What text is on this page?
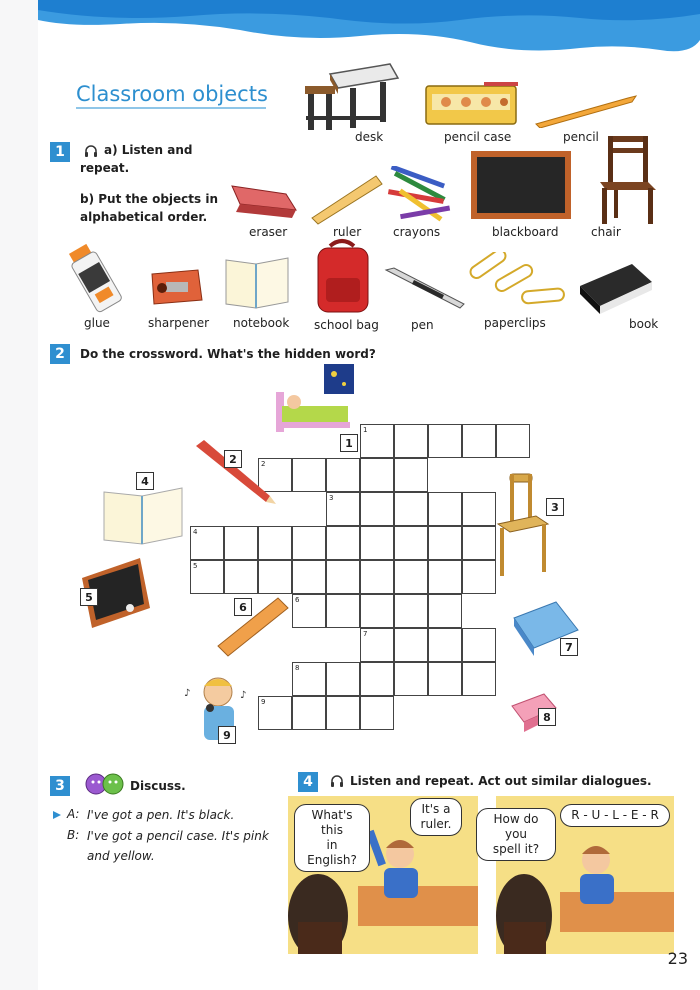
Classroom objects
1	a) Listen and
repeat.
b) Put the objects in
alphabetical order.
desk	pencil case	pencil
eraser	ruler	crayons	blackboard	chair
glue	sharpener notebook school bag	pen	paperclips	book
2	Do the crossword. What's the hidden word?
1
2
3
4
5
6
7
8
9
1
2
3
4
5
6
7
8
♪	♪
9
3	Discuss.
A: I've got a pen. It's black.
B: I've got a pencil case. It's pink
and yellow.
4	Listen and repeat. Act out similar dialogues.
What's this
in English?
It's a
ruler.	How do you
spell it?
R - U - L - E - R
23
